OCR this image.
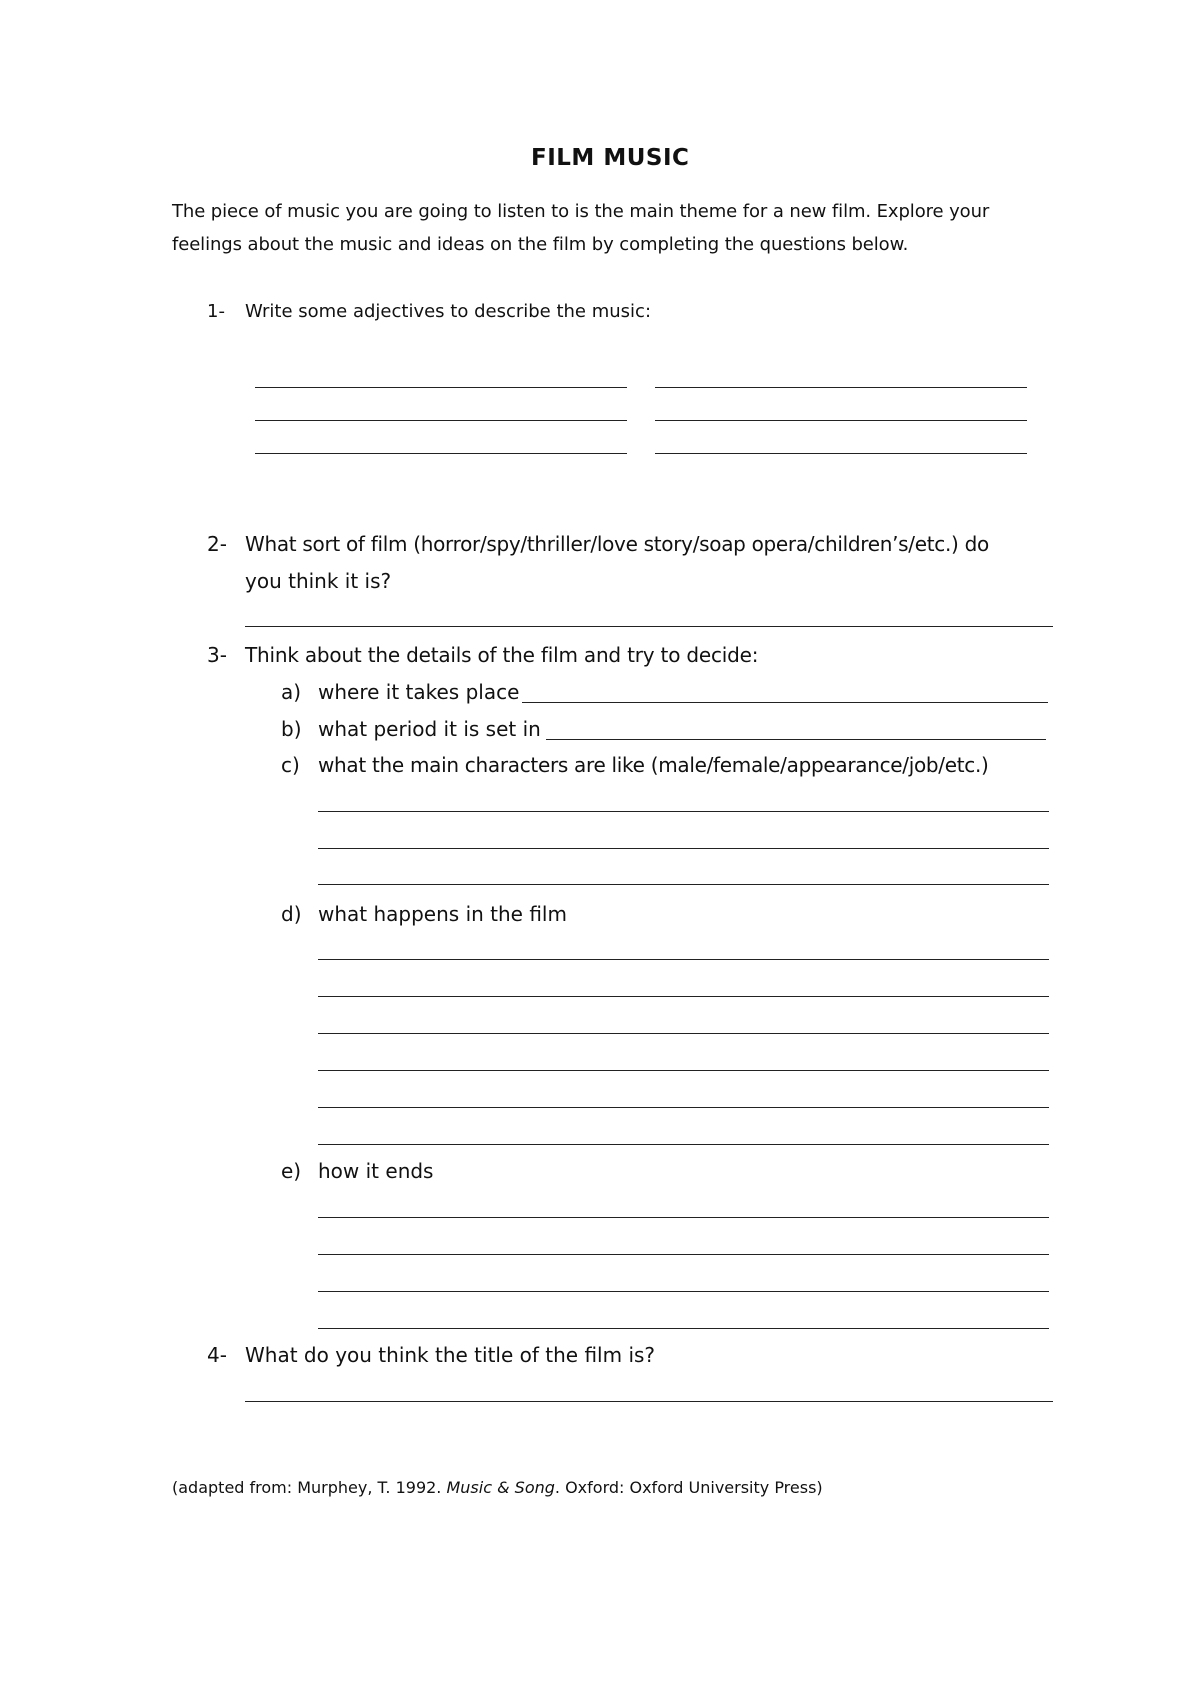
FILM MUSIC
The piece of music you are going to listen to is the main theme for a new film. Explore your
feelings about the music and ideas on the film by completing the questions below.
1- Write some adjectives to describe the music:
2- What sort of film (horror/spy/thriller/love story/soap opera/children’s/etc.) do
you think it is?
3- Think about the details of the film and try to decide:
a) where it takes place
b) what period it is set in
c) what the main characters are like (male/female/appearance/job/etc.)
d) what happens in the film
e) how it ends
4- What do you think the title of the film is?
(adapted from: Murphey, T. 1992. Music & Song. Oxford: Oxford University Press)
